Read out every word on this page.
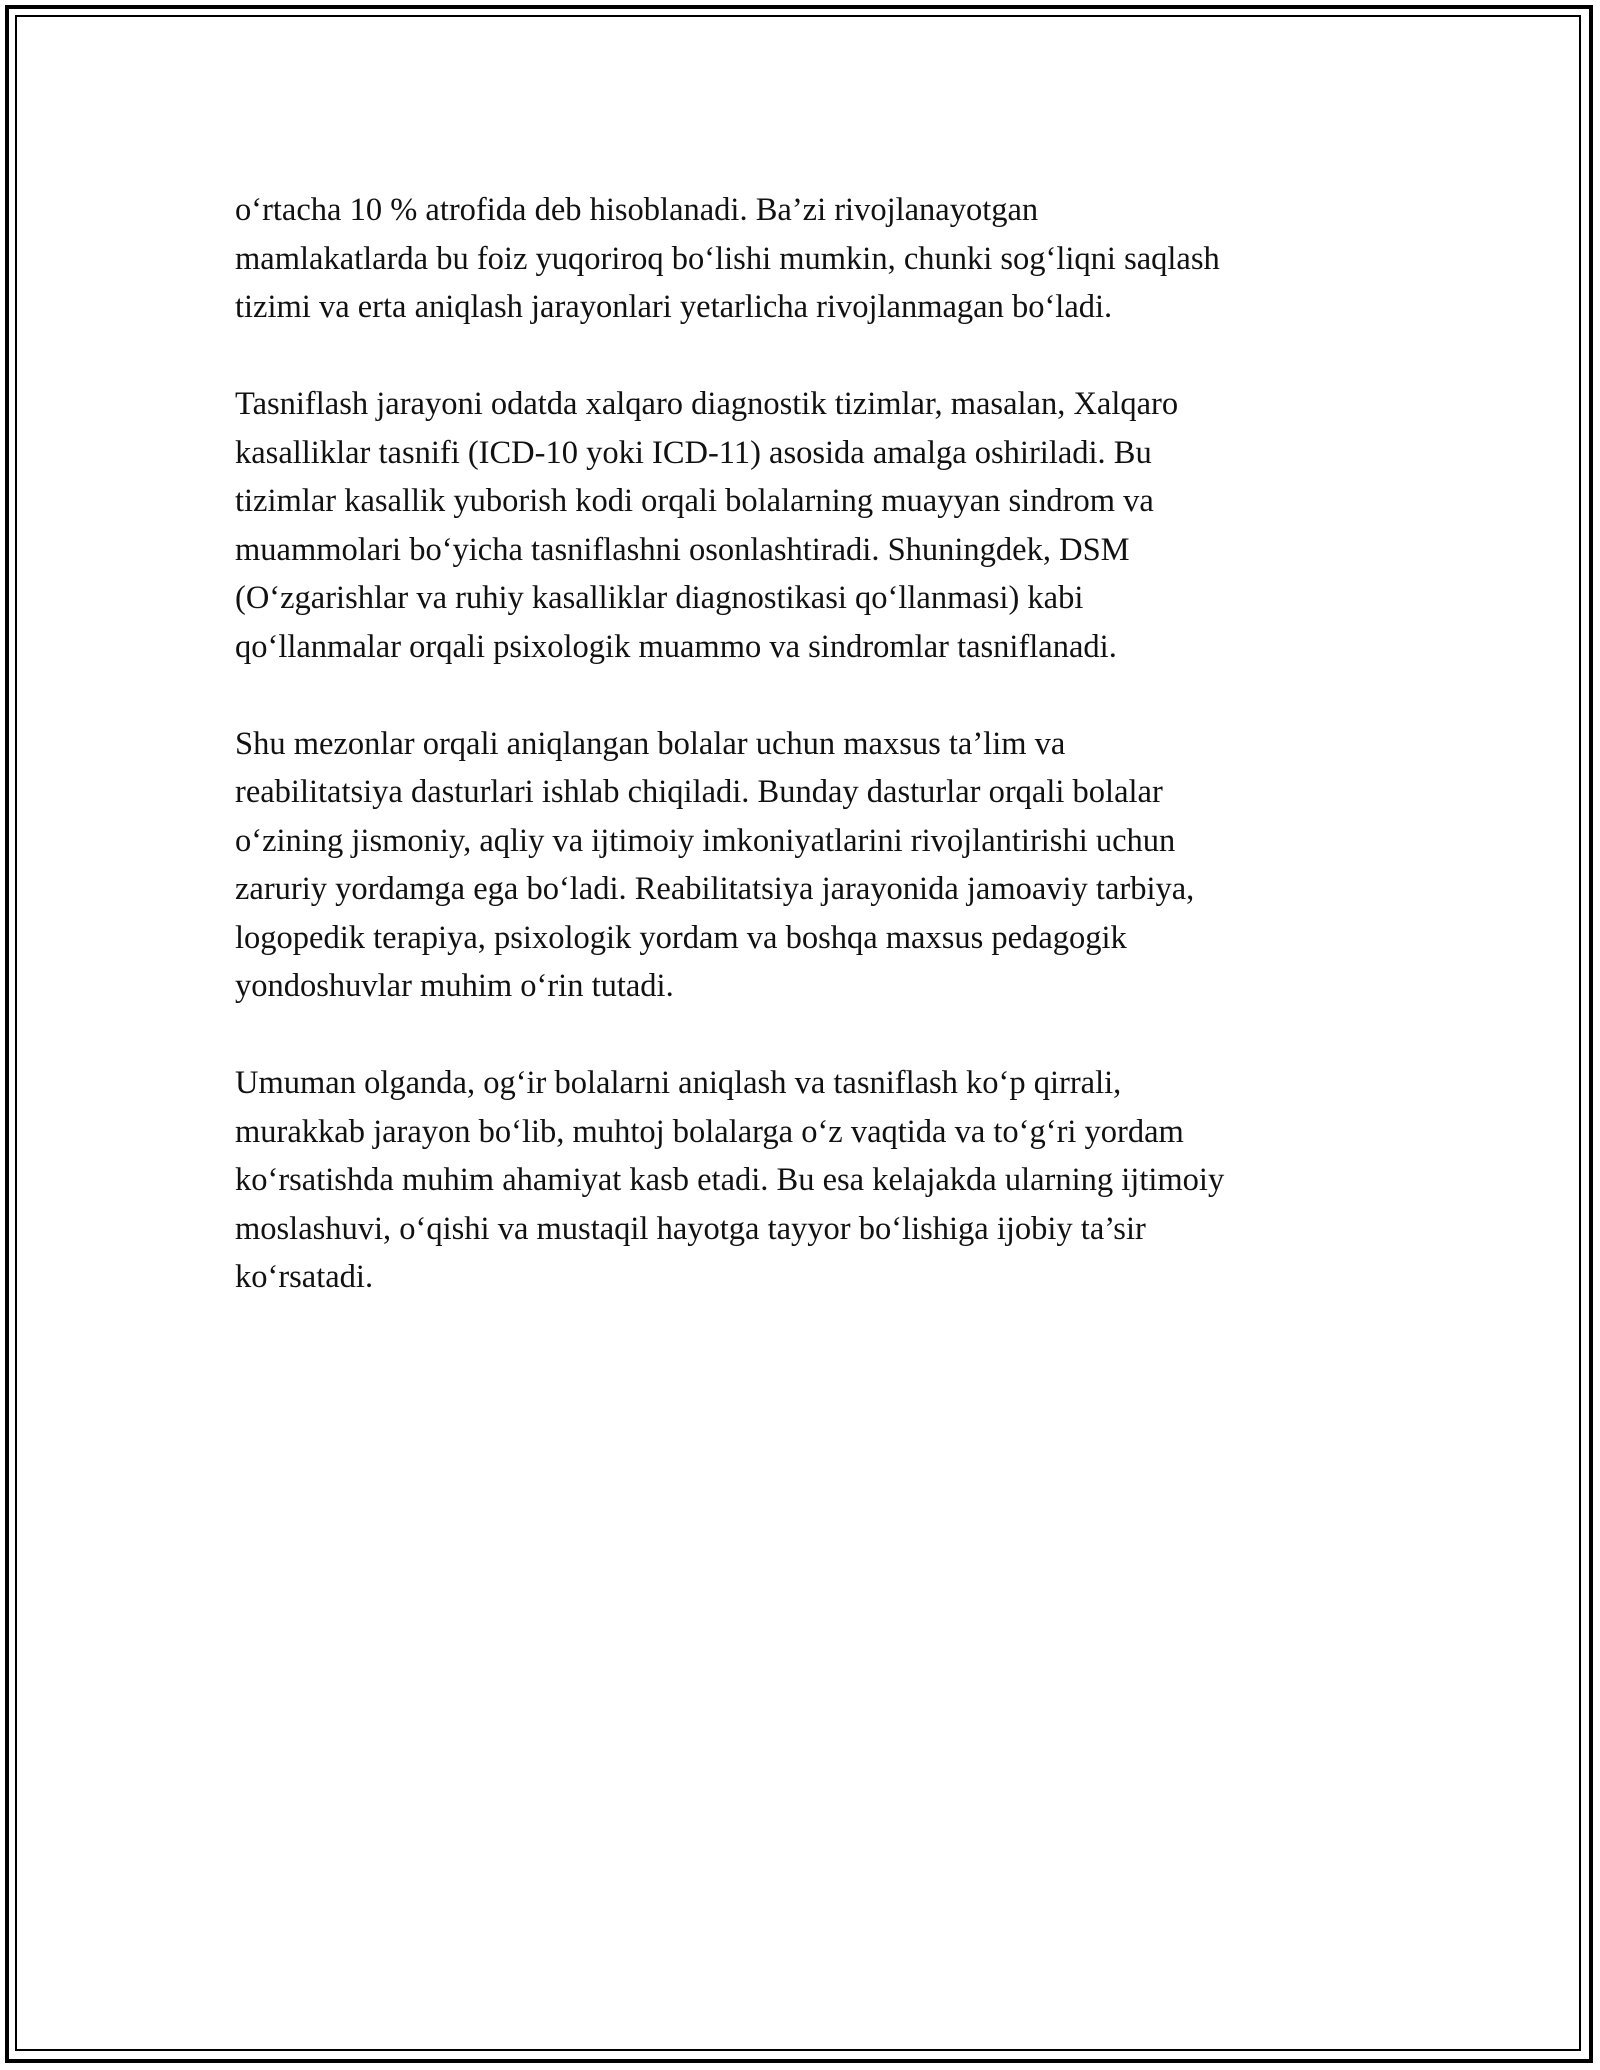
o‘rtacha 10 % atrofida deb hisoblanadi. Ba’zi rivojlanayotgan
mamlakatlarda bu foiz yuqoriroq bo‘lishi mumkin, chunki sog‘liqni saqlash
tizimi va erta aniqlash jarayonlari yetarlicha rivojlanmagan bo‘ladi.

Tasniflash jarayoni odatda xalqaro diagnostik tizimlar, masalan, Xalqaro
kasalliklar tasnifi (ICD-10 yoki ICD-11) asosida amalga oshiriladi. Bu
tizimlar kasallik yuborish kodi orqali bolalarning muayyan sindrom va
muammolari bo‘yicha tasniflashni osonlashtiradi. Shuningdek, DSM
(O‘zgarishlar va ruhiy kasalliklar diagnostikasi qo‘llanmasi) kabi
qo‘llanmalar orqali psixologik muammo va sindromlar tasniflanadi.

Shu mezonlar orqali aniqlangan bolalar uchun maxsus ta’lim va
reabilitatsiya dasturlari ishlab chiqiladi. Bunday dasturlar orqali bolalar
o‘zining jismoniy, aqliy va ijtimoiy imkoniyatlarini rivojlantirishi uchun
zaruriy yordamga ega bo‘ladi. Reabilitatsiya jarayonida jamoaviy tarbiya,
logopedik terapiya, psixologik yordam va boshqa maxsus pedagogik
yondoshuvlar muhim o‘rin tutadi.

Umuman olganda, og‘ir bolalarni aniqlash va tasniflash ko‘p qirrali,
murakkab jarayon bo‘lib, muhtoj bolalarga o‘z vaqtida va to‘g‘ri yordam
ko‘rsatishda muhim ahamiyat kasb etadi. Bu esa kelajakda ularning ijtimoiy
moslashuvi, o‘qishi va mustaqil hayotga tayyor bo‘lishiga ijobiy ta’sir
ko‘rsatadi.
